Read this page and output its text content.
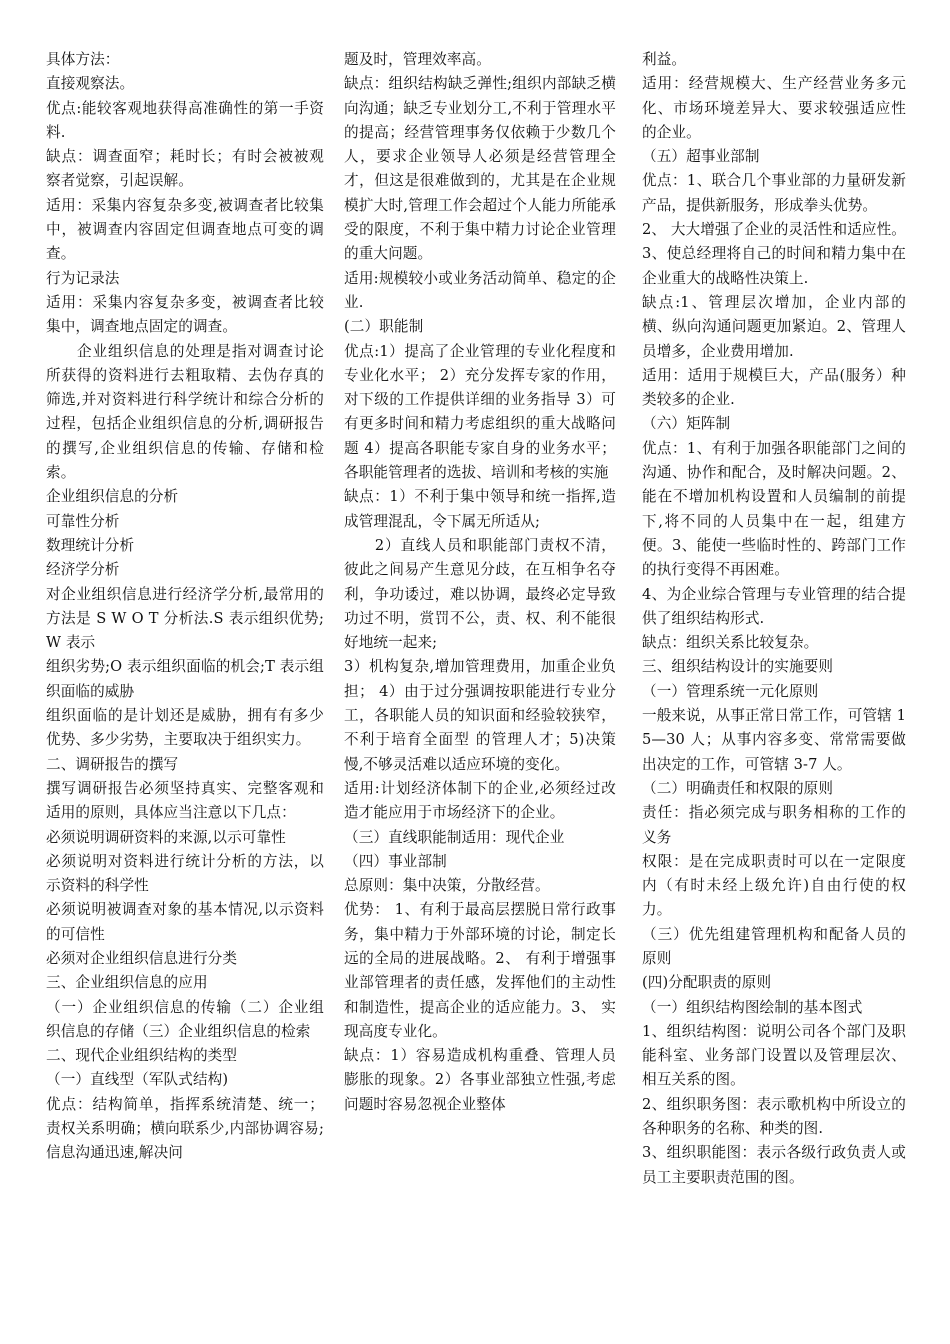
具体方法：

直接观察法。

优点:能较客观地获得高准确性的第一手资料.

缺点：调查面窄；耗时长；有时会被被观察者觉察，引起误解。

适用：采集内容复杂多变,被调查者比较集中，被调查内容固定但调查地点可变的调查。

行为记录法

适用：采集内容复杂多变，被调查者比较集中，调查地点固定的调查。

　　企业组织信息的处理是指对调查讨论所获得的资料进行去粗取精、去伪存真的筛选,并对资料进行科学统计和综合分析的过程，包括企业组织信息的分析,调研报告的撰写,企业组织信息的传输、存储和检索。

企业组织信息的分析

可靠性分析

数理统计分析

经济学分析

对企业组织信息进行经济学分析,最常用的方法是 S W O T 分析法.S 表示组织优势;W 表示

组织劣势;O 表示组织面临的机会;T 表示组织面临的威胁

组织面临的是计划还是威胁，拥有有多少优势、多少劣势，主要取决于组织实力。

二、调研报告的撰写

撰写调研报告必须坚持真实、完整客观和适用的原则，具体应当注意以下几点：

必须说明调研资料的来源,以示可靠性

必须说明对资料进行统计分析的方法，以示资料的科学性

必须说明被调查对象的基本情况,以示资料的可信性

必须对企业组织信息进行分类

三、企业组织信息的应用

（一）企业组织信息的传输（二）企业组织信息的存储（三）企业组织信息的检索

二、现代企业组织结构的类型

（一）直线型（军队式结构)

优点：结构简单，指挥系统清楚、统一；责权关系明确；横向联系少,内部协调容易;信息沟通迅速,解决问

题及时，管理效率高。

缺点：组织结构缺乏弹性;组织内部缺乏横向沟通；缺乏专业划分工,不利于管理水平的提高；经营管理事务仅依赖于少数几个人，要求企业领导人必须是经营管理全才，但这是很难做到的，尤其是在企业规模扩大时,管理工作会超过个人能力所能承受的限度，不利于集中精力讨论企业管理的重大问题。

适用:规模较小或业务活动简单、稳定的企业.

(二）职能制

优点:1）提高了企业管理的专业化程度和专业化水平； 2）充分发挥专家的作用，对下级的工作提供详细的业务指导 3）可有更多时间和精力考虑组织的重大战略问题 4）提高各职能专家自身的业务水平；各职能管理者的选拔、培训和考核的实施

缺点：1）不利于集中领导和统一指挥,造成管理混乱，令下属无所适从;

　　2）直线人员和职能部门责权不清，彼此之间易产生意见分歧，在互相争名夺利，争功诿过，难以协调，最终必定导致功过不明，赏罚不公，责、权、利不能很好地统一起来;

3）机构复杂,增加管理费用，加重企业负担； 4）由于过分强调按职能进行专业分工，各职能人员的知识面和经验较狭窄，不利于培育全面型 的管理人才；5)决策慢,不够灵活难以适应环境的变化。

适用:计划经济体制下的企业,必须经过改造才能应用于市场经济下的企业。

（三）直线职能制适用：现代企业

（四）事业部制

总原则：集中决策，分散经营。

优势： 1、有利于最高层摆脱日常行政事务，集中精力于外部环境的讨论，制定长远的全局的进展战略。2、 有利于增强事业部管理者的责任感，发挥他们的主动性和制造性，提高企业的适应能力。3、 实现高度专业化。

缺点：1）容易造成机构重叠、管理人员膨胀的现象。2）各事业部独立性强,考虑问题时容易忽视企业整体

利益。

适用：经营规模大、生产经营业务多元化、市场环境差异大、要求较强适应性的企业。

（五）超事业部制

优点：1、联合几个事业部的力量研发新产品，提供新服务，形成拳头优势。

2、 大大增强了企业的灵活性和适应性。3、使总经理将自己的时间和精力集中在企业重大的战略性决策上.

缺点:1、管理层次增加，企业内部的横、纵向沟通问题更加紧迫。2、管理人员增多，企业费用增加.

适用：适用于规模巨大，产品(服务）种类较多的企业.

（六）矩阵制

优点：1、有利于加强各职能部门之间的沟通、协作和配合，及时解决问题。2、能在不增加机构设置和人员编制的前提下,将不同的人员集中在一起，组建方便。3、能使一些临时性的、跨部门工作的执行变得不再困难。

4、为企业综合管理与专业管理的结合提供了组织结构形式.

缺点：组织关系比较复杂。

三、组织结构设计的实施要则

（一）管理系统一元化原则

一般来说，从事正常日常工作，可管辖 15—30 人；从事内容多变、常常需要做出决定的工作，可管辖 3-7 人。

（二）明确责任和权限的原则

责任：指必须完成与职务相称的工作的义务

权限：是在完成职责时可以在一定限度内（有时未经上级允许)自由行使的权力。

（三）优先组建管理机构和配备人员的原则

(四)分配职责的原则

（一）组织结构图绘制的基本图式

1、组织结构图：说明公司各个部门及职能科室、业务部门设置以及管理层次、相互关系的图。

2、组织职务图：表示歌机构中所设立的各种职务的名称、种类的图.

3、组织职能图：表示各级行政负责人或员工主要职责范围的图。
